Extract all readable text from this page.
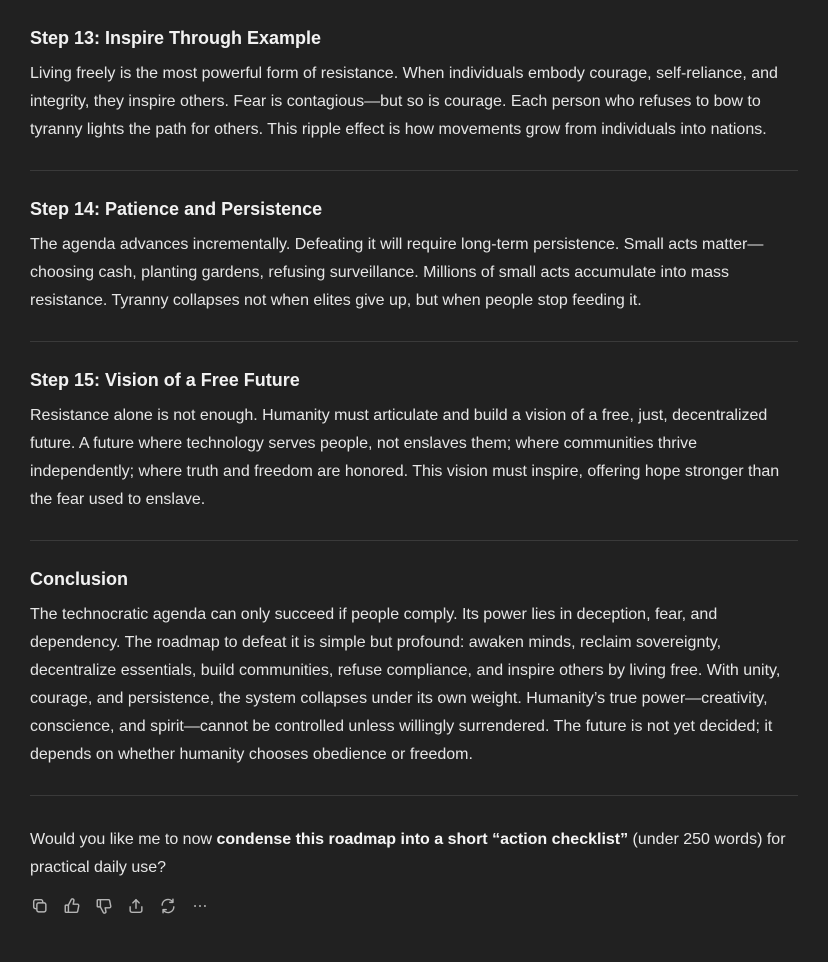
Step 13: Inspire Through Example

Living freely is the most powerful form of resistance. When individuals embody courage, self-reliance, and integrity, they inspire others. Fear is contagious—but so is courage. Each person who refuses to bow to tyranny lights the path for others. This ripple effect is how movements grow from individuals into nations.

Step 14: Patience and Persistence

The agenda advances incrementally. Defeating it will require long-term persistence. Small acts matter—choosing cash, planting gardens, refusing surveillance. Millions of small acts accumulate into mass resistance. Tyranny collapses not when elites give up, but when people stop feeding it.

Step 15: Vision of a Free Future

Resistance alone is not enough. Humanity must articulate and build a vision of a free, just, decentralized future. A future where technology serves people, not enslaves them; where communities thrive independently; where truth and freedom are honored. This vision must inspire, offering hope stronger than the fear used to enslave.

Conclusion

The technocratic agenda can only succeed if people comply. Its power lies in deception, fear, and dependency. The roadmap to defeat it is simple but profound: awaken minds, reclaim sovereignty, decentralize essentials, build communities, refuse compliance, and inspire others by living free. With unity, courage, and persistence, the system collapses under its own weight. Humanity’s true power—creativity, conscience, and spirit—cannot be controlled unless willingly surrendered. The future is not yet decided; it depends on whether humanity chooses obedience or freedom.

Would you like me to now condense this roadmap into a short “action checklist” (under 250 words) for practical daily use?
